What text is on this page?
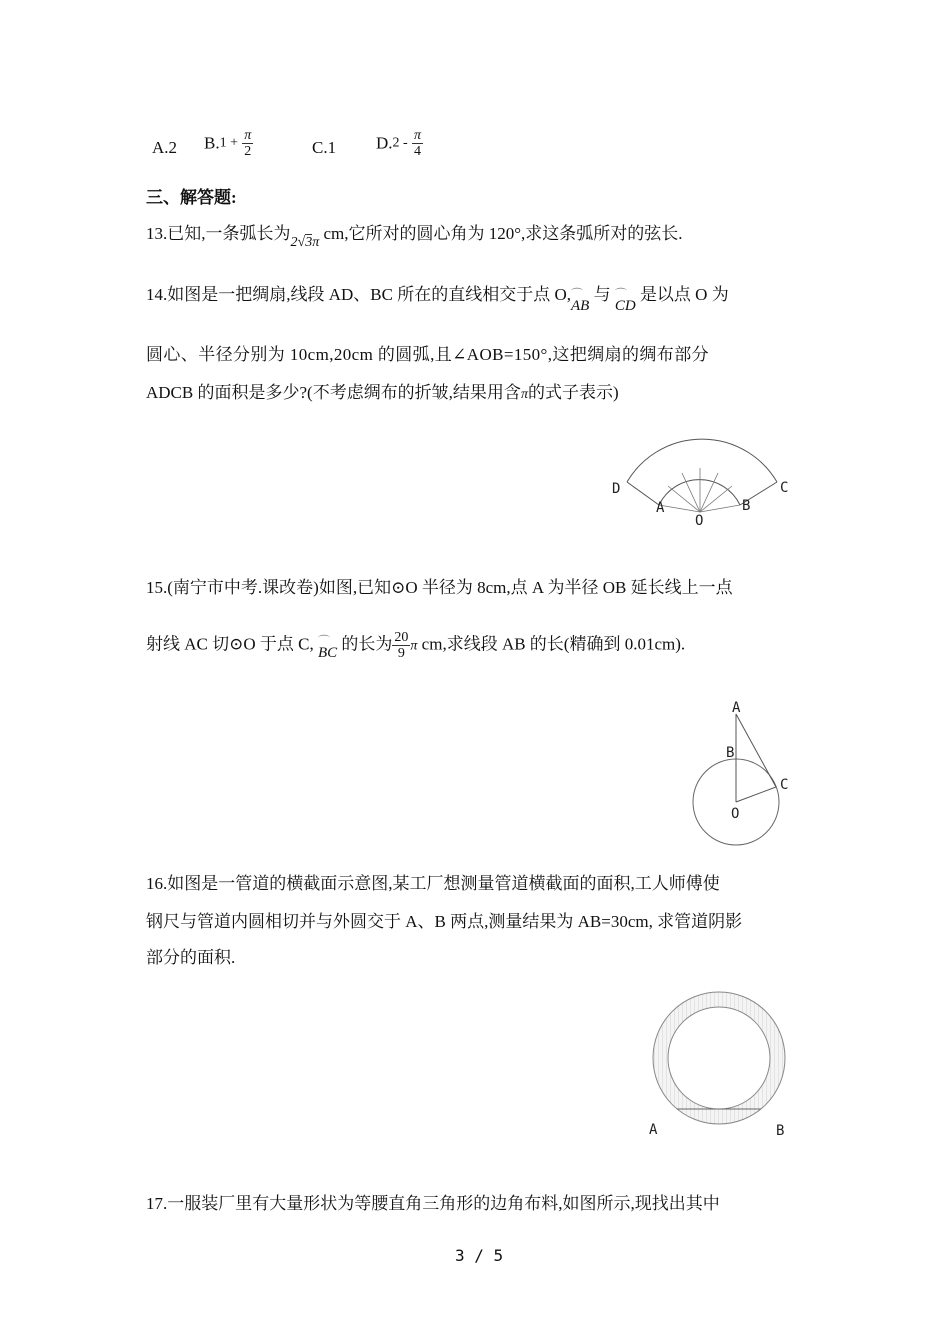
A.2 $B.1 + \frac{\pi}{2}$	C.1 $D.2 - \frac{\pi}{4}$
三、解答题:
13.已知,一条弧长为$_{2√3\pi}$ cm,它所对的圆心角为 120°,求这条弧所对的弦长.
14.如图是一把绸扇,线段 AD、BC 所在的直线相交于点 O,⌒ AB 与 ⌒ CD 是以点 O 为
圆心、半径分别为 10cm,20cm 的圆弧,且∠AOB=150°,这把绸扇的绸布部分
ADCB 的面积是多少?(不考虑绸布的折皱,结果用含π的式子表示)
D
A
O
B
C
15.(南宁市中考.课改卷)如图,已知⊙O 半径为 8cm,点 A 为半径 OB 延长线上一点
射线 AC 切⊙O 于点 C, ⌒ BC 的长为 $\frac{20}{9}$ π cm,求线段 AB 的长(精确到 0.01cm).
A
B
C
O
16.如图是一管道的横截面示意图,某工厂想测量管道横截面的面积,工人师傅使
钢尺与管道内圆相切并与外圆交于 A、B 两点,测量结果为 AB=30cm, 求管道阴影
部分的面积.
A	B
17.一服装厂里有大量形状为等腰直角三角形的边角布料,如图所示,现找出其中
3 / 5
